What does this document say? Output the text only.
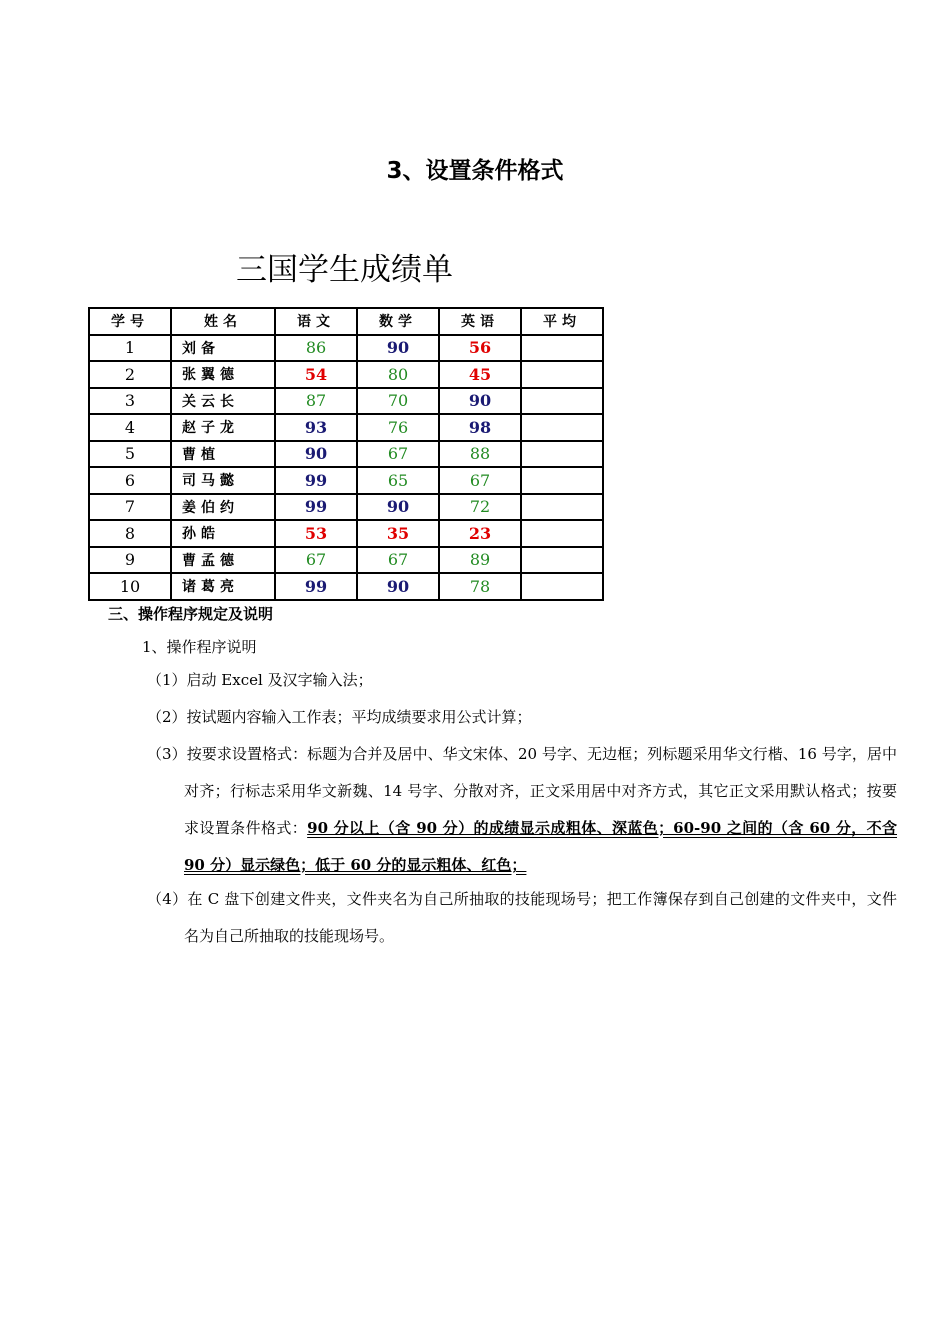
3、设置条件格式
三国学生成绩单
学号	姓名	语文	数学	英语	平均
1	刘备	86	90	56	
2	张翼德	54	80	45	
3	关云长	87	70	90	
4	赵子龙	93	76	98	
5	曹植	90	67	88	
6	司马懿	99	65	67	
7	姜伯约	99	90	72	
8	孙皓	53	35	23	
9	曹孟德	67	67	89	
10	诸葛亮	99	90	78	
三、操作程序规定及说明
1、操作程序说明
（1）启动 Excel 及汉字输入法；
（2）按试题内容输入工作表；平均成绩要求用公式计算；
（3）按要求设置格式：标题为合并及居中、华文宋体、20 号字、无边框；列标题采用华文行楷、16 号字，居中对齐；行标志采用华文新魏、14 号字、分散对齐，正文采用居中对齐方式，其它正文采用默认格式；按要求设置条件格式：90 分以上（含 90 分）的成绩显示成粗体、深蓝色；60-90 之间的（含 60 分，不含 90 分）显示绿色；低于 60 分的显示粗体、红色；
（4）在 C 盘下创建文件夹，文件夹名为自己所抽取的技能现场号；把工作簿保存到自己创建的文件夹中，文件名为自己所抽取的技能现场号。
